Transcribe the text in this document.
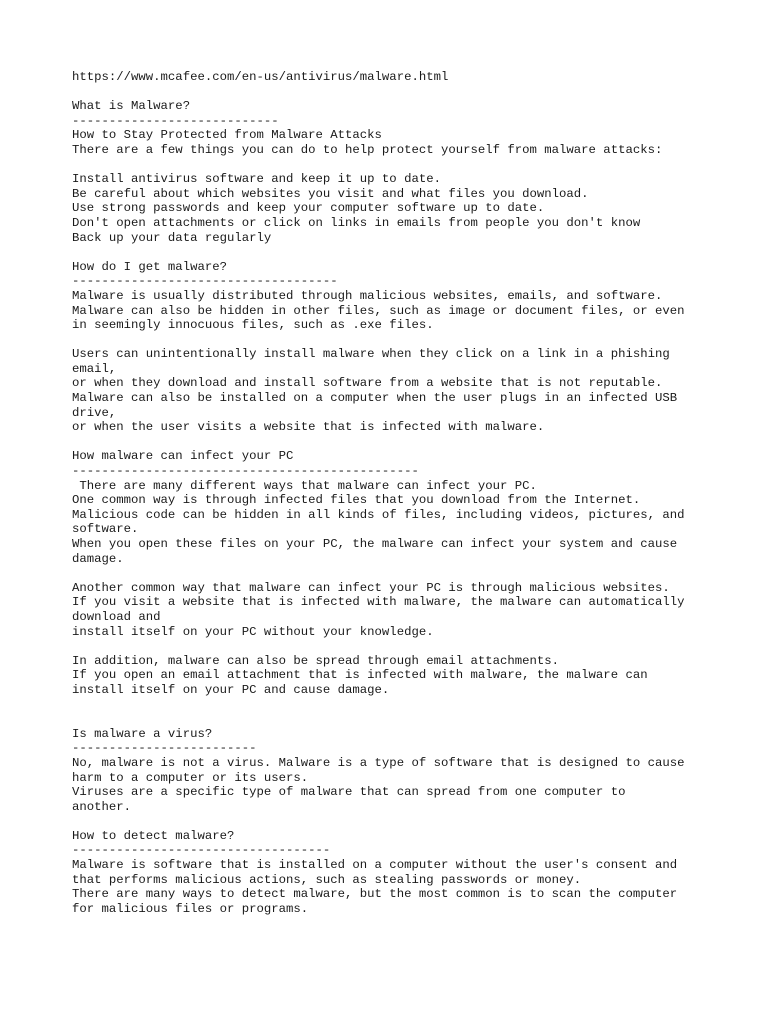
https://www.mcafee.com/en-us/antivirus/malware.html
What is Malware?
----------------------------
How to Stay Protected from Malware Attacks
There are a few things you can do to help protect yourself from malware attacks:
Install antivirus software and keep it up to date.
Be careful about which websites you visit and what files you download.
Use strong passwords and keep your computer software up to date.
Don't open attachments or click on links in emails from people you don't know
Back up your data regularly
How do I get malware?
------------------------------------
Malware is usually distributed through malicious websites, emails, and software.
Malware can also be hidden in other files, such as image or document files, or even
in seemingly innocuous files, such as .exe files.
Users can unintentionally install malware when they click on a link in a phishing
email,
or when they download and install software from a website that is not reputable.
Malware can also be installed on a computer when the user plugs in an infected USB
drive,
or when the user visits a website that is infected with malware.
How malware can infect your PC
-----------------------------------------------
There are many different ways that malware can infect your PC.
One common way is through infected files that you download from the Internet.
Malicious code can be hidden in all kinds of files, including videos, pictures, and
software.
When you open these files on your PC, the malware can infect your system and cause
damage.
Another common way that malware can infect your PC is through malicious websites.
If you visit a website that is infected with malware, the malware can automatically
download and
install itself on your PC without your knowledge.
In addition, malware can also be spread through email attachments.
If you open an email attachment that is infected with malware, the malware can
install itself on your PC and cause damage.
Is malware a virus?
-------------------------
No, malware is not a virus. Malware is a type of software that is designed to cause
harm to a computer or its users.
Viruses are a specific type of malware that can spread from one computer to
another.
How to detect malware?
-----------------------------------
Malware is software that is installed on a computer without the user's consent and
that performs malicious actions, such as stealing passwords or money.
There are many ways to detect malware, but the most common is to scan the computer
for malicious files or programs.
